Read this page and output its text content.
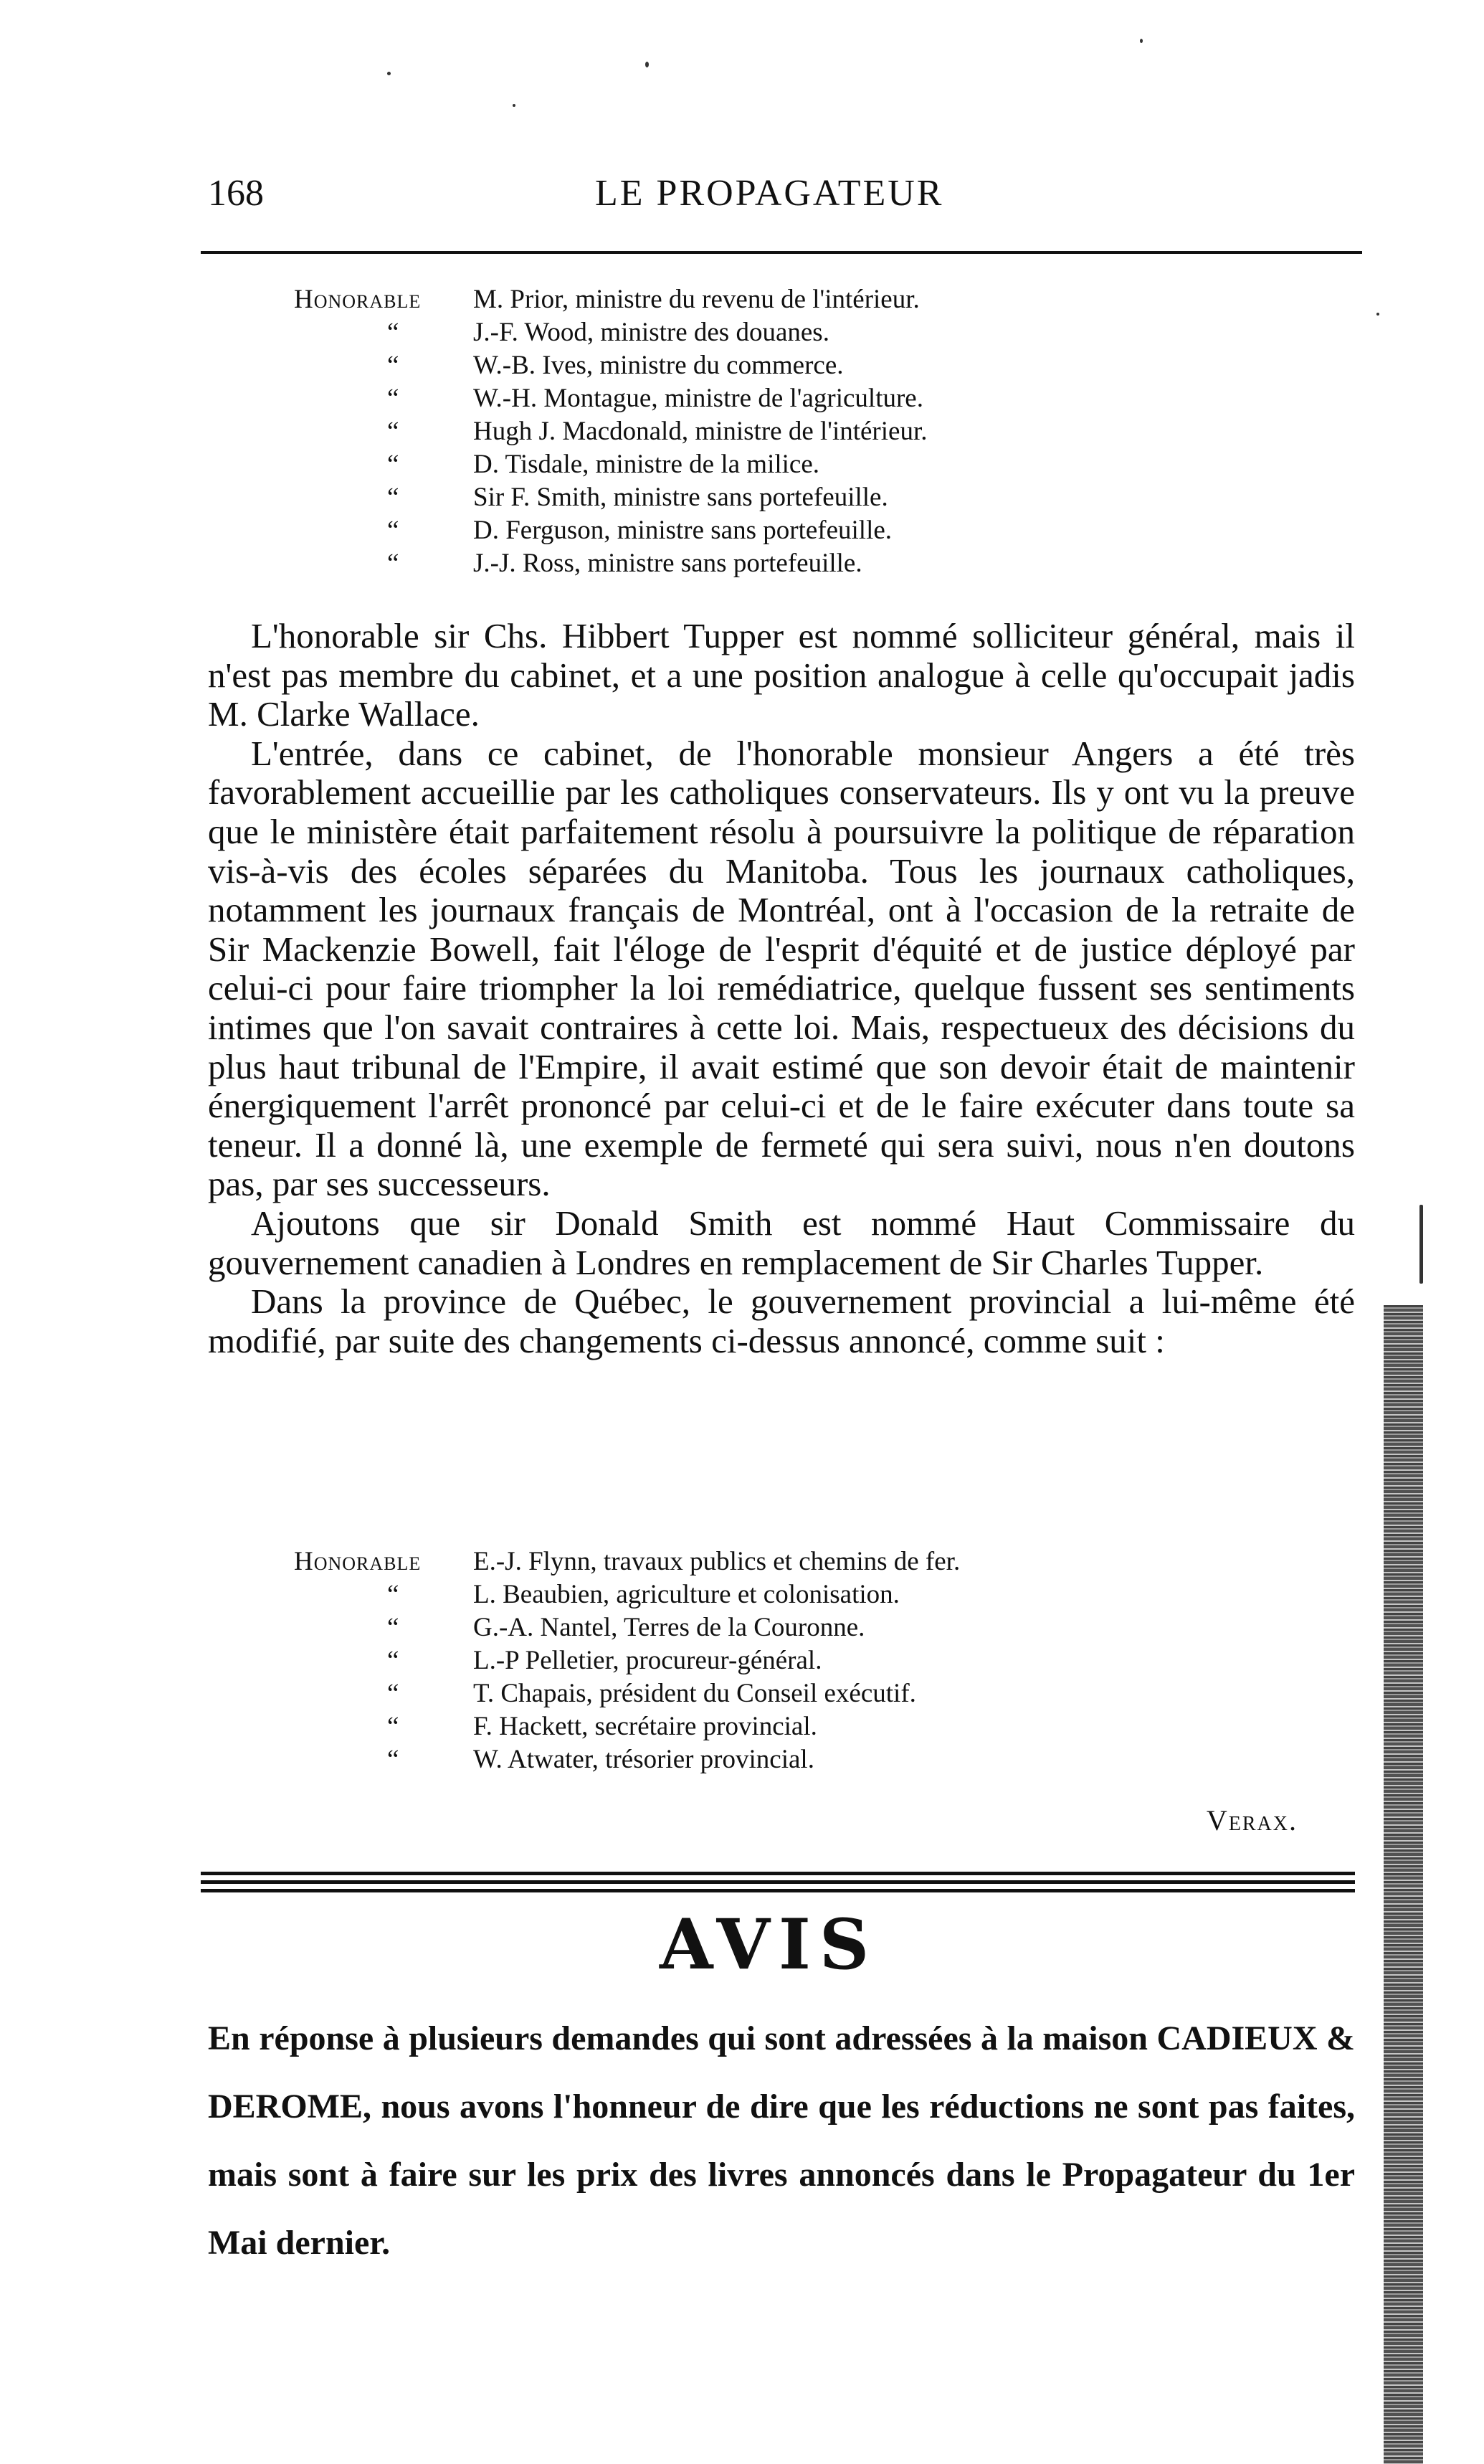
168	LE PROPAGATEUR
Honorable M. Prior, ministre du revenu de l'intérieur.
“	J.-F. Wood, ministre des douanes.
“	W.-B. Ives, ministre du commerce.
“	W.-H. Montague, ministre de l'agriculture.
“	Hugh J. Macdonald, ministre de l'intérieur.
“	D. Tisdale, ministre de la milice.
“	Sir F. Smith, ministre sans portefeuille.
“	D. Ferguson, ministre sans portefeuille.
“	J.-J. Ross, ministre sans portefeuille.

L'honorable sir Chs. Hibbert Tupper est nommé solliciteur général, mais il n'est pas membre du cabinet, et a une position analogue à celle qu'occupait jadis M. Clarke Wallace.

L'entrée, dans ce cabinet, de l'honorable monsieur Angers a été très favorablement accueillie par les catholiques conservateurs. Ils y ont vu la preuve que le ministère était parfaitement résolu à poursuivre la politique de réparation vis-à-vis des écoles séparées du Manitoba. Tous les journaux catholiques, notamment les journaux français de Montréal, ont à l'occasion de la retraite de Sir Mackenzie Bowell, fait l'éloge de l'esprit d'équité et de justice déployé par celui-ci pour faire triompher la loi remédiatrice, quelque fussent ses sentiments intimes que l'on savait contraires à cette loi. Mais, respectueux des décisions du plus haut tribunal de l'Empire, il avait estimé que son devoir était de maintenir énergiquement l'arrêt prononcé par celui-ci et de le faire exécuter dans toute sa teneur. Il a donné là, une exemple de fermeté qui sera suivi, nous n'en doutons pas, par ses successeurs.

Ajoutons que sir Donald Smith est nommé Haut Commissaire du gouvernement canadien à Londres en remplacement de Sir Charles Tupper.

Dans la province de Québec, le gouvernement provincial a lui-même été modifié, par suite des changements ci-dessus annoncé, comme suit :

Honorable E.-J. Flynn, travaux publics et chemins de fer.
“	L. Beaubien, agriculture et colonisation.
“	G.-A. Nantel, Terres de la Couronne.
“	L.-P Pelletier, procureur-général.
“	T. Chapais, président du Conseil exécutif.
“	F. Hackett, secrétaire provincial.
“	W. Atwater, trésorier provincial.
Verax.
AVIS

En réponse à plusieurs demandes qui sont adressées à la maison CADIEUX & DEROME, nous avons l'honneur de dire que les réductions ne sont pas faites, mais sont à faire sur les prix des livres annoncés dans le Propagateur du 1er Mai dernier.
